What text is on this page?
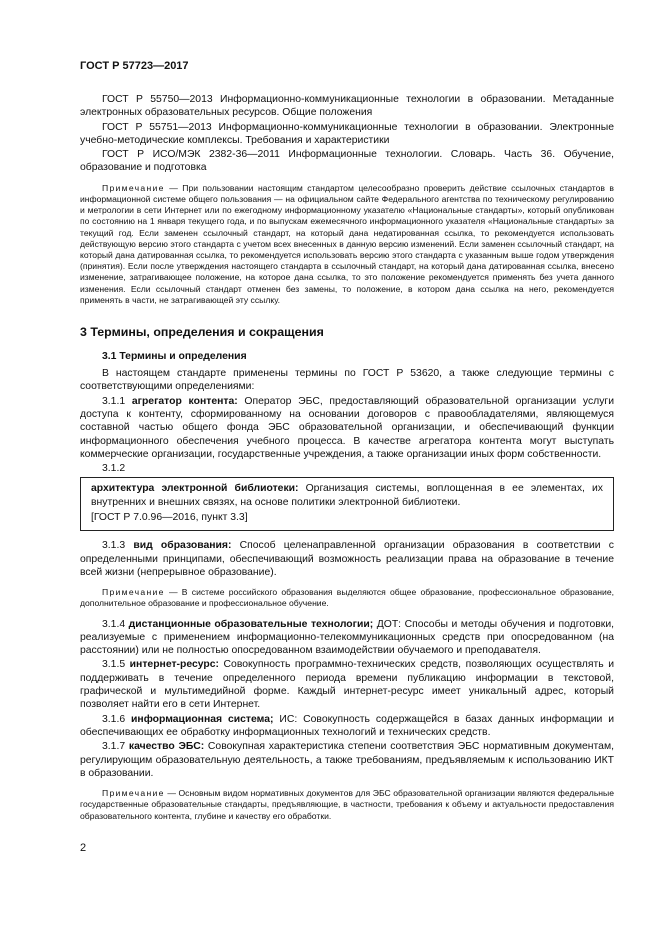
ГОСТ Р 57723—2017

ГОСТ Р 55750—2013 Информационно-коммуникационные технологии в образовании. Метаданные электронных образовательных ресурсов. Общие положения

ГОСТ Р 55751—2013 Информационно-коммуникационные технологии в образовании. Электронные учебно-методические комплексы. Требования и характеристики

ГОСТ Р ИСО/МЭК 2382-36—2011 Информационные технологии. Словарь. Часть 36. Обучение, образование и подготовка

Примечание — При пользовании настоящим стандартом целесообразно проверить действие ссылочных стандартов в информационной системе общего пользования — на официальном сайте Федерального агентства по техническому регулированию и метрологии в сети Интернет или по ежегодному информационному указателю «Национальные стандарты», который опубликован по состоянию на 1 января текущего года, и по выпускам ежемесячного информационного указателя «Национальные стандарты» за текущий год. Если заменен ссылочный стандарт, на который дана недатированная ссылка, то рекомендуется использовать действующую версию этого стандарта с учетом всех внесенных в данную версию изменений. Если заменен ссылочный стандарт, на который дана датированная ссылка, то рекомендуется использовать версию этого стандарта с указанным выше годом утверждения (принятия). Если после утверждения настоящего стандарта в ссылочный стандарт, на который дана датированная ссылка, внесено изменение, затрагивающее положение, на которое дана ссылка, то это положение рекомендуется применять без учета данного изменения. Если ссылочный стандарт отменен без замены, то положение, в котором дана ссылка на него, рекомендуется применять в части, не затрагивающей эту ссылку.

3 Термины, определения и сокращения
3.1 Термины и определения

В настоящем стандарте применены термины по ГОСТ Р 53620, а также следующие термины с соответствующими определениями:

3.1.1 агрегатор контента: Оператор ЭБС, предоставляющий образовательной организации услуги доступа к контенту, сформированному на основании договоров с правообладателями, являющемуся составной частью общего фонда ЭБС образовательной организации, и обеспечивающий функции информационного обеспечения учебного процесса. В качестве агрегатора контента могут выступать коммерческие организации, государственные учреждения, а также организации иных форм собственности.

3.1.2

архитектура электронной библиотеки: Организация системы, воплощенная в ее элементах, их внутренних и внешних связях, на основе политики электронной библиотеки.

[ГОСТ Р 7.0.96—2016, пункт 3.3]

3.1.3 вид образования: Способ целенаправленной организации образования в соответствии с определенными принципами, обеспечивающий возможность реализации права на образование в течение всей жизни (непрерывное образование).

Примечание — В системе российского образования выделяются общее образование, профессиональное образование, дополнительное образование и профессиональное обучение.

3.1.4 дистанционные образовательные технологии; ДОТ: Способы и методы обучения и подготовки, реализуемые с применением информационно-телекоммуникационных средств при опосредованном (на расстоянии) или не полностью опосредованном взаимодействии обучаемого и преподавателя.

3.1.5 интернет-ресурс: Совокупность программно-технических средств, позволяющих осуществлять и поддерживать в течение определенного периода времени публикацию информации в текстовой, графической и мультимедийной форме. Каждый интернет-ресурс имеет уникальный адрес, который позволяет найти его в сети Интернет.

3.1.6 информационная система; ИС: Совокупность содержащейся в базах данных информации и обеспечивающих ее обработку информационных технологий и технических средств.

3.1.7 качество ЭБС: Совокупная характеристика степени соответствия ЭБС нормативным документам, регулирующим образовательную деятельность, а также требованиям, предъявляемым к использованию ИКТ в образовании.

Примечание — Основным видом нормативных документов для ЭБС образовательной организации являются федеральные государственные образовательные стандарты, предъявляющие, в частности, требования к объему и актуальности предоставления образовательного контента, глубине и качеству его обработки.

2
